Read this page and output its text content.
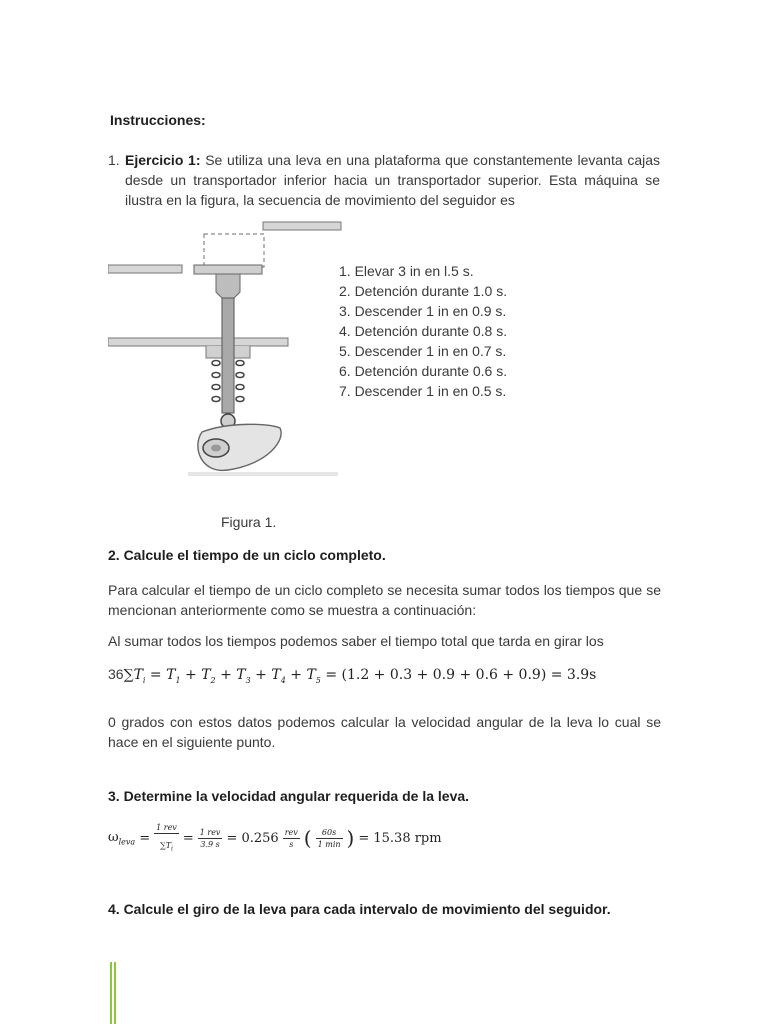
Instrucciones:
1. Ejercicio 1: Se utiliza una leva en una plataforma que constantemente levanta cajas desde un transportador inferior hacia un transportador superior. Esta máquina se ilustra en la figura, la secuencia de movimiento del seguidor es
1. Elevar 3 in en l.5 s.
2. Detención durante 1.0 s.
3. Descender 1 in en 0.9 s.
4. Detención durante 0.8 s.
5. Descender 1 in en 0.7 s.
6. Detención durante 0.6 s.
7. Descender 1 in en 0.5 s.
Figura 1.
2. Calcule el tiempo de un ciclo completo.
Para calcular el tiempo de un ciclo completo se necesita sumar todos los tiempos que se mencionan anteriormente como se muestra a continuación:
Al sumar todos los tiempos podemos saber el tiempo total que tarda en girar los
$36\sum T_i = T_1 + T_2 + T_3 + T_4 + T_5 = (1.2 + 0.3 + 0.9 + 0.6 + 0.9) = 3.9s$
0 grados con estos datos podemos calcular la velocidad angular de la leva lo cual se hace en el siguiente punto.
3. Determine la velocidad angular requerida de la leva.
$\omega_{leva} = \frac{\text{1 rev}}{\sum T_i} = \frac{\text{1 rev}}{3.9 s} = 0.256 \frac{\text{rev}}{s}$ ( $\frac{60s}{1 \min}$ ) = 15.38 rpm
4. Calcule el giro de la leva para cada intervalo de movimiento del seguidor.
